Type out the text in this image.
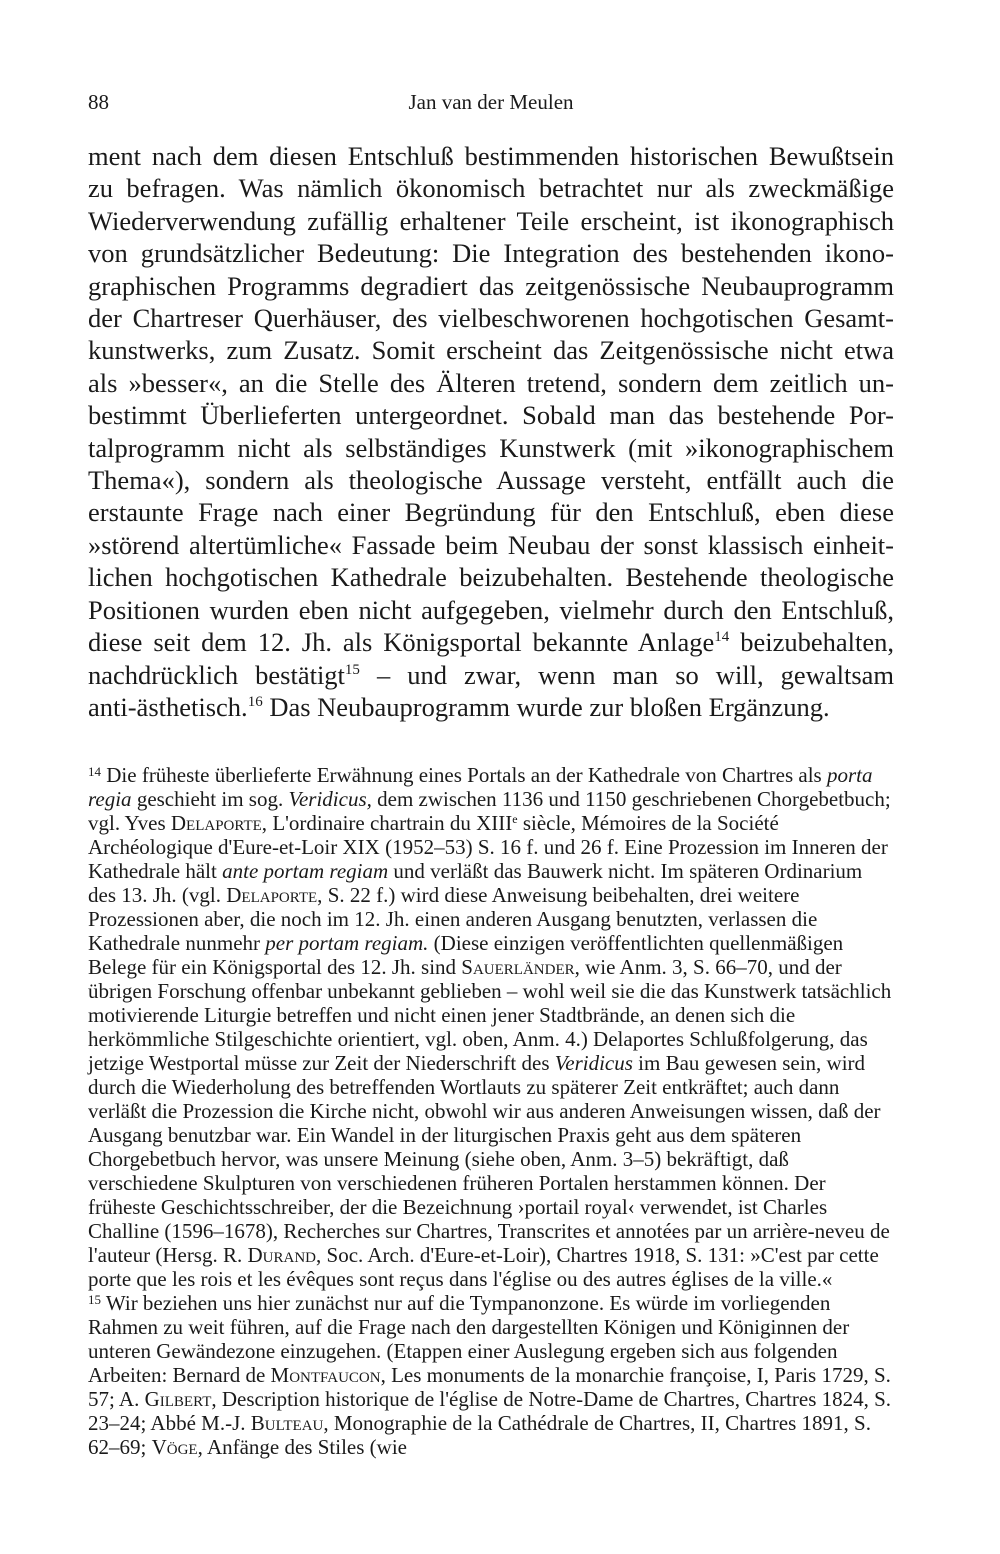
88	Jan van der Meulen
ment nach dem diesen Entschluß bestimmenden historischen Bewußtsein
zu befragen. Was nämlich ökonomisch betrachtet nur als zweckmäßige
Wiederverwendung zufällig erhaltener Teile erscheint, ist ikonographisch
von grundsätzlicher Bedeutung: Die Integration des bestehenden ikono-
graphischen Programms degradiert das zeitgenössische Neubauprogramm
der Chartreser Querhäuser, des vielbeschworenen hochgotischen Gesamt-
kunstwerks, zum Zusatz. Somit erscheint das Zeitgenössische nicht etwa
als »besser«, an die Stelle des Älteren tretend, sondern dem zeitlich un-
bestimmt Überlieferten untergeordnet. Sobald man das bestehende Por-
talprogramm nicht als selbständiges Kunstwerk (mit »ikonographischem
Thema«), sondern als theologische Aussage versteht, entfällt auch die
erstaunte Frage nach einer Begründung für den Entschluß, eben diese
»störend altertümliche« Fassade beim Neubau der sonst klassisch einheit-
lichen hochgotischen Kathedrale beizubehalten. Bestehende theologische
Positionen wurden eben nicht aufgegeben, vielmehr durch den Entschluß,
diese seit dem 12. Jh. als Königsportal bekannte Anlage$^{14}$ beizubehalten,
nachdrücklich bestätigt$^{15}$ – und zwar, wenn man so will, gewaltsam
anti-ästhetisch.$^{16}$ Das Neubauprogramm wurde zur bloßen Ergänzung.
$^{14}$ Die früheste überlieferte Erwähnung eines Portals an der Kathedrale von Chartres als porta regia geschieht im sog. Veridicus, dem zwischen 1136 und 1150 geschriebenen Chorgebetbuch; vgl. Yves Delaporte, L'ordinaire chartrain du XIIIe siècle, Mémoires de la Société Archéologique d'Eure-et-Loir XIX (1952–53) S. 16 f. und 26 f. Eine Prozession im Inneren der Kathedrale hält ante portam regiam und verläßt das Bauwerk nicht. Im späteren Ordinarium des 13. Jh. (vgl. Delaporte, S. 22 f.) wird diese Anweisung beibehalten, drei weitere Prozessionen aber, die noch im 12. Jh. einen anderen Ausgang benutzten, verlassen die Kathedrale nunmehr per portam regiam. (Diese einzigen veröffentlichten quellenmäßigen Belege für ein Königsportal des 12. Jh. sind Sauerländer, wie Anm. 3, S. 66–70, und der übrigen Forschung offenbar unbekannt geblieben – wohl weil sie die das Kunstwerk tatsächlich motivierende Liturgie betreffen und nicht einen jener Stadtbrände, an denen sich die herkömmliche Stilgeschichte orientiert, vgl. oben, Anm. 4.) Delaportes Schlußfolgerung, das jetzige Westportal müsse zur Zeit der Niederschrift des Veridicus im Bau gewesen sein, wird durch die Wiederholung des betreffenden Wortlauts zu späterer Zeit entkräftet; auch dann verläßt die Prozession die Kirche nicht, obwohl wir aus anderen Anweisungen wissen, daß der Ausgang benutzbar war. Ein Wandel in der liturgischen Praxis geht aus dem späteren Chorgebetbuch hervor, was unsere Meinung (siehe oben, Anm. 3–5) bekräftigt, daß verschiedene Skulpturen von verschiedenen früheren Portalen herstammen können. Der früheste Geschichtsschreiber, der die Bezeichnung ›portail royal‹ verwendet, ist Charles Challine (1596–1678), Recherches sur Chartres, Transcrites et annotées par un arrière-neveu de l'auteur (Hersg. R. Durand, Soc. Arch. d'Eure-et-Loir), Chartres 1918, S. 131: »C'est par cette porte que les rois et les évêques sont reçus dans l'église ou des autres églises de la ville.«
$^{15}$ Wir beziehen uns hier zunächst nur auf die Tympanonzone. Es würde im vorliegenden Rahmen zu weit führen, auf die Frage nach den dargestellten Königen und Königinnen der unteren Gewändezone einzugehen. (Etappen einer Auslegung ergeben sich aus folgenden Arbeiten: Bernard de Montfaucon, Les monuments de la monarchie françoise, I, Paris 1729, S. 57; A. Gilbert, Description historique de l'église de Notre-Dame de Chartres, Chartres 1824, S. 23–24; Abbé M.-J. Bulteau, Monographie de la Cathédrale de Chartres, II, Chartres 1891, S. 62–69; Vöge, Anfänge des Stiles (wie
